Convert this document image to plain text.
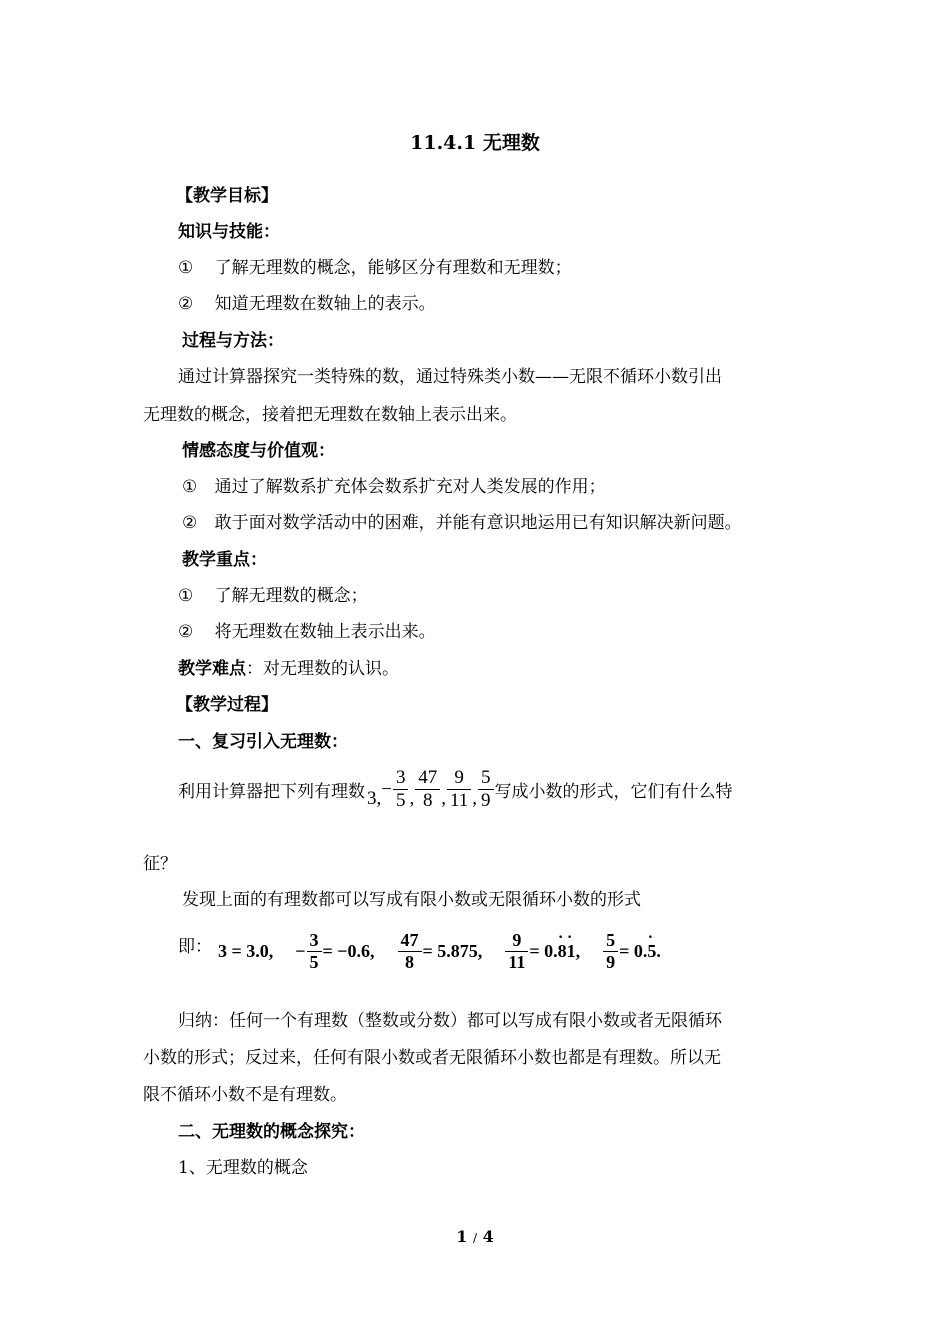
11.4.1 无理数
【教学目标】
知识与技能：
① 了解无理数的概念，能够区分有理数和无理数；
② 知道无理数在数轴上的表示。
过程与方法：
通过计算器探究一类特殊的数，通过特殊类小数——无限不循环小数引出
无理数的概念，接着把无理数在数轴上表示出来。
情感态度与价值观：
① 通过了解数系扩充体会数系扩充对人类发展的作用；
② 敢于面对数学活动中的困难，并能有意识地运用已有知识解决新问题。
教学重点：
① 了解无理数的概念；
② 将无理数在数轴上表示出来。
教学难点：对无理数的认识。
【教学过程】
一、复习引入无理数：
利用计算器把下列有理数 3 , − $\frac{3}{5}$ , $\frac{47}{8}$ , $\frac{9}{11}$ , $\frac{5}{9}$ 写成小数的形式，它们有什么特
征？
发现上面的有理数都可以写成有限小数或无限循环小数的形式
即： 3 = 3.0, − $\frac{3}{5} = -0.6$, $\frac{47}{8} = 5.875$, $\frac{9}{11} = 0$. . 8 . 1 , $\frac{5}{9} = 0$. . 5 .
归纳：任何一个有理数（整数或分数）都可以写成有限小数或者无限循环
小数的形式；反过来，任何有限小数或者无限循环小数也都是有理数。所以无
限不循环小数不是有理数。
二、无理数的概念探究：
1、无理数的概念
1 / 4
